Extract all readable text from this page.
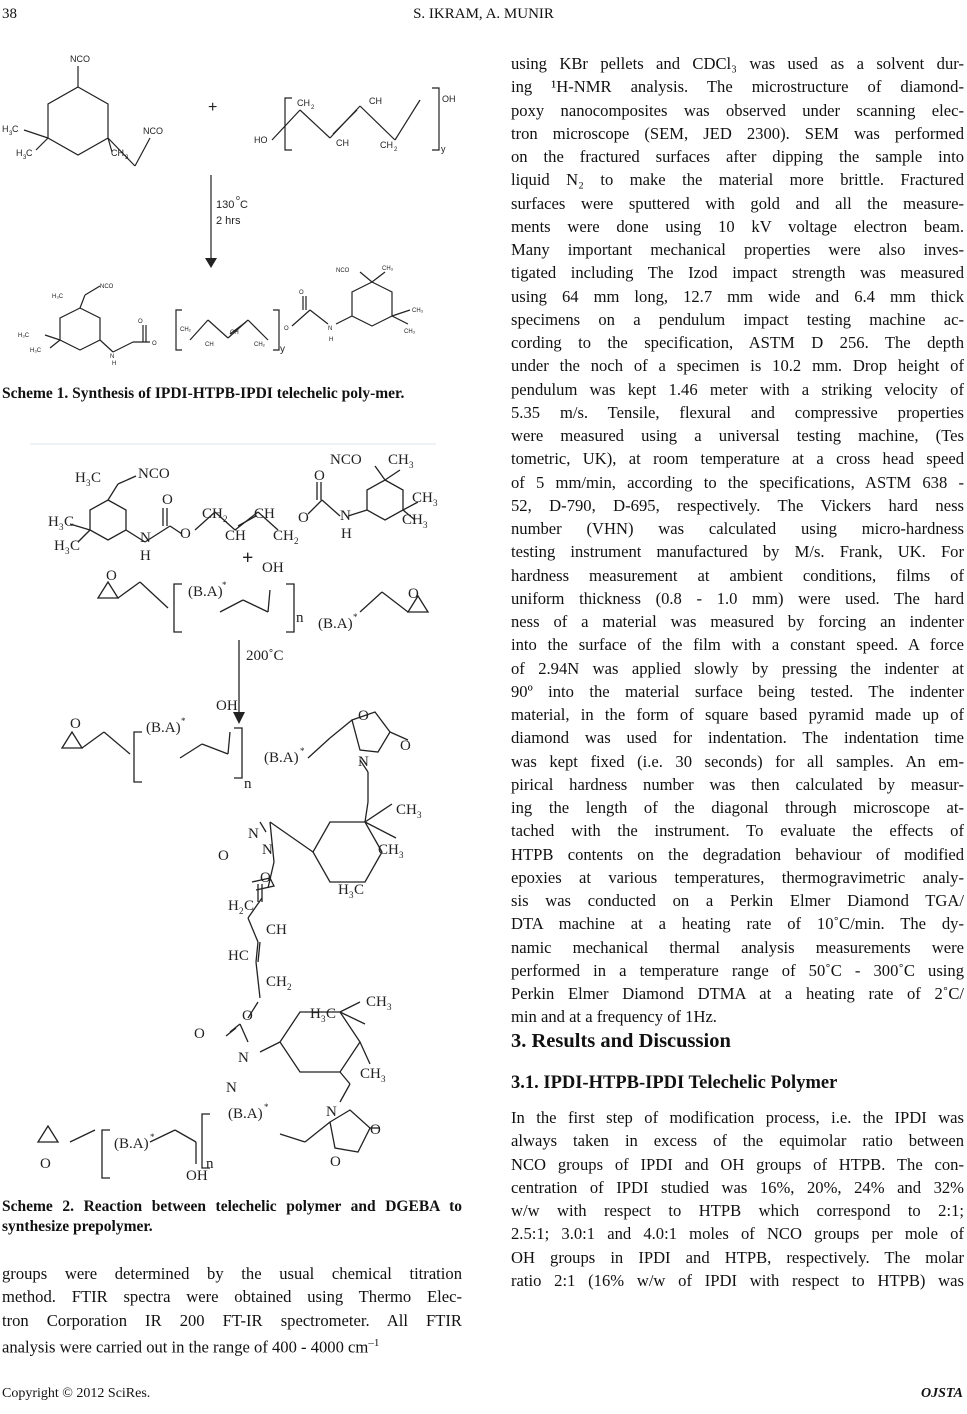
38	S. IKRAM, A. MUNIR
NCO
NCO
H 3 C
H 3 C	CH 3
HO
CH 2
CH
CH	CH 2
OH
y
130
o
C
2 hrs
NCO
H₃C
H₃C
H₃C
N
H
O
O
CH₂	CH
CH	CH₂ y
O
O
N
H
NCO	CH₃
CH₃
CH₃
+

Scheme 1. Synthesis of IPDI-HTPB-IPDI telechelic poly-mer.

H 3 C NCO
O
H 3 C
H 3 C	N
H
O
CH 2 CH
CH CH 2
O
O
N
H
NCO CH 3
CH 3
CH 3
O
(B.A) *
OH
n (B.A) *
O
200˚C
O	(B.A) *
OH
n
(B.A) *
O
O
N
N
N
CH 3
CH 3
H 3 C
O
O
H 2 C
CH
HC
CH 2
O
O
N
N
H 3 C
CH 3
CH 3
N
O
O
(B.A) *
(B.A) *
n
OH
O
+

Scheme 2. Reaction between telechelic polymer and DGEBA to synthesize prepolymer.

groups were determined by the usual chemical titration
method. FTIR spectra were obtained using Thermo Elec-
tron Corporation IR 200 FT-IR spectrometer. All FTIR
analysis were carried out in the range of 400 - 4000 $cm^{-1}$
using KBr pellets and CDCl₃ was used as a solvent dur-
ing ¹H-NMR analysis. The microstructure of diamond-
poxy nanocomposites was observed under scanning elec-
tron microscope (SEM, JED 2300). SEM was performed
on the fractured surfaces after dipping the sample into
liquid N₂ to make the material more brittle. Fractured
surfaces were sputtered with gold and all the measure-
ments were done using 10 kV voltage electron beam.
Many important mechanical properties were also inves-
tigated including The Izod impact strength was measured
using 64 mm long, 12.7 mm wide and 6.4 mm thick
specimens on a pendulum impact testing machine ac-
cording to the specification, ASTM D 256. The depth
under the noch of a specimen is 10.2 mm. Drop height of
pendulum was kept 1.46 meter with a striking velocity of
5.35 m/s. Tensile, flexural and compressive properties
were measured using a universal testing machine, (Tes
tometric, UK), at room temperature at a cross head speed
of 5 mm/min, according to the specifications, ASTM 638 -
52, D-790, D-695, respectively. The Vickers hard ness
number (VHN) was calculated using micro-hardness
testing instrument manufactured by M/s. Frank, UK. For
hardness measurement at ambient conditions, films of
uniform thickness (0.8 - 1.0 mm) were used. The hard
ness of a material was measured by forcing an indenter
into the surface of the film with a constant speed. A force
of 2.94N was applied slowly by pressing the indenter at
90º into the material surface being tested. The indenter
material, in the form of square based pyramid made up of
diamond was used for indentation. The indentation time
was kept fixed (i.e. 30 seconds) for all samples. An em-
pirical hardness number was then calculated by measur-
ing the length of the diagonal through microscope at-
tached with the instrument. To evaluate the effects of
HTPB contents on the degradation behaviour of modified
epoxies at various temperatures, thermogravimetric analy-
sis was conducted on a Perkin Elmer Diamond TGA/
DTA machine at a heating rate of 10˚C/min. The dy-
namic mechanical thermal analysis measurements were
performed in a temperature range of 50˚C - 300˚C using
Perkin Elmer Diamond DTMA at a heating rate of 2˚C/
min and at a frequency of 1Hz.
3. Results and Discussion
3.1. IPDI-HTPB-IPDI Telechelic Polymer
In the first step of modification process, i.e. the IPDI was
always taken in excess of the equimolar ratio between
NCO groups of IPDI and OH groups of HTPB. The con-
centration of IPDI studied was 16%, 20%, 24% and 32%
w/w with respect to HTPB which correspond to 2:1;
2.5:1; 3.0:1 and 4.0:1 moles of NCO groups per mole of
OH groups in IPDI and HTPB, respectively. The molar
ratio 2:1 (16% w/w of IPDI with respect to HTPB) was
Copyright © 2012 SciRes.	OJSTA
